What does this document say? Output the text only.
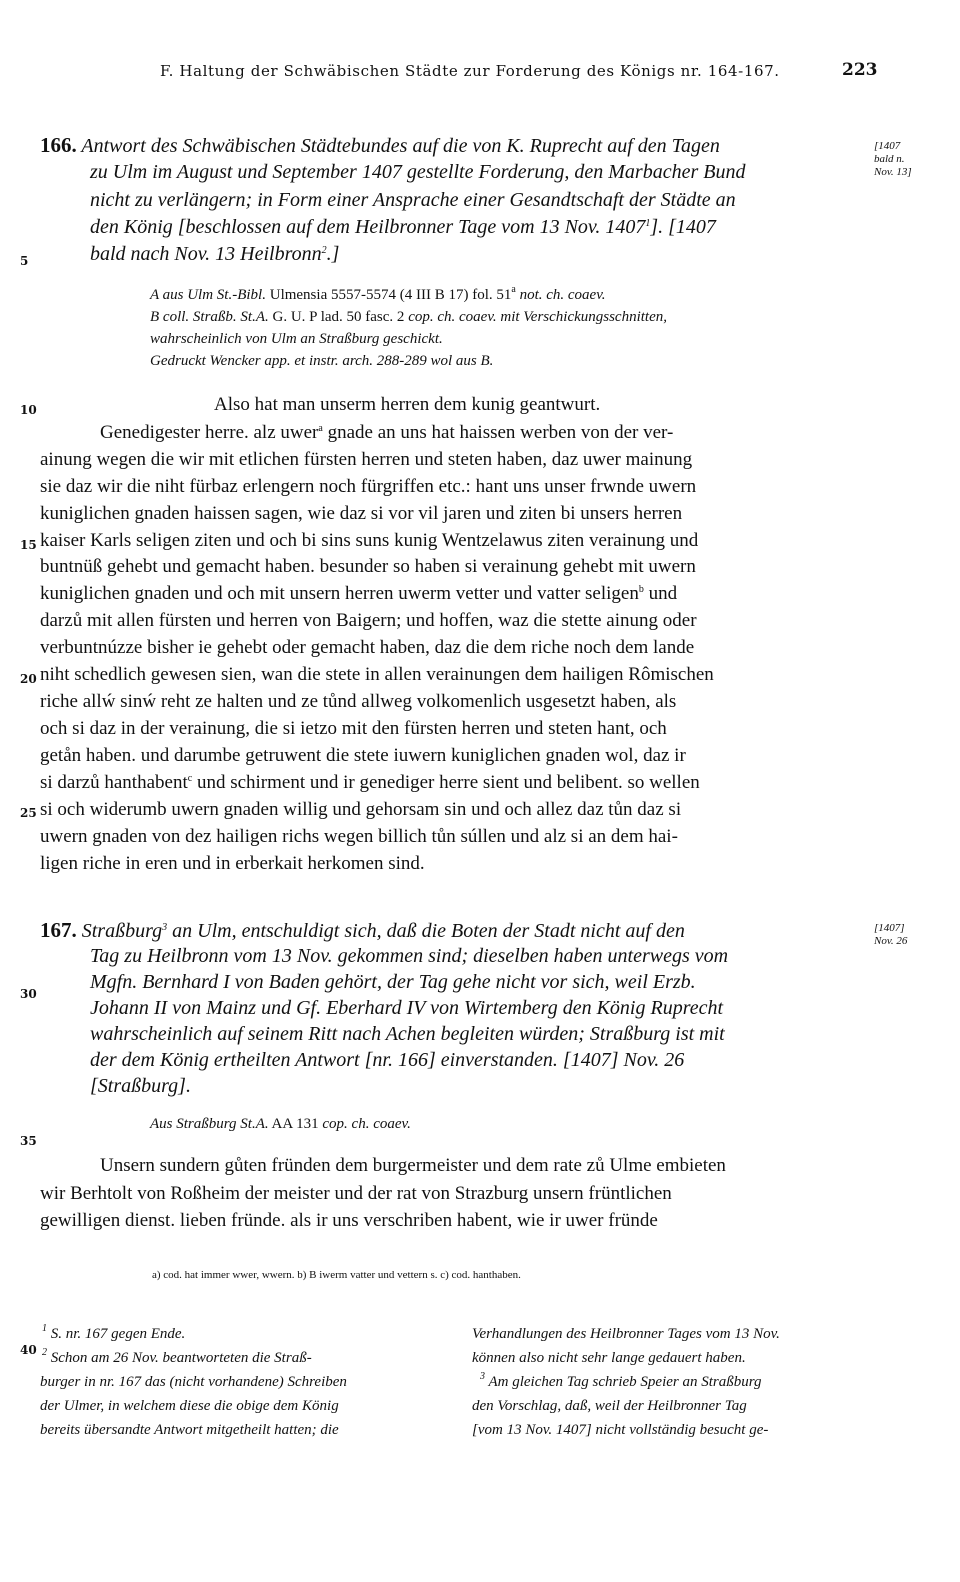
F. Haltung der Schwäbischen Städte zur Forderung des Königs nr. 164-167.	223
5
10
15
20
25
30
35
40
166. Antwort des Schwäbischen Städtebundes auf die von K. Ruprecht auf den Tagen
zu Ulm im August und September 1407 gestellte Forderung, den Marbacher Bund
nicht zu verlängern; in Form einer Ansprache einer Gesandtschaft der Städte an
den König [beschlossen auf dem Heilbronner Tage vom 13 Nov. 1407$^1$]. [1407
bald nach Nov. 13 Heilbronn$^2$.]
[1407
bald n.
Nov. 13]
A aus Ulm St.-Bibl. Ulmensia 5557-5574 (4 III B 17) fol. 51$^a$ not. ch. coaev.
B coll. Straßb. St.A. G. U. P lad. 50 fasc. 2 cop. ch. coaev. mit Verschickungsschnitten,
wahrscheinlich von Ulm an Straßburg geschickt.
Gedruckt Wencker app. et instr. arch. 288-289 wol aus B.
Also hat man unserm herren dem kunig geantwurt.
Genedigester herre. alz uwer$^a$ gnade an uns hat haissen werben von der ver-
ainung wegen die wir mit etlichen fürsten herren und steten haben, daz uwer mainung
sie daz wir die niht fürbaz erlengern noch fürgriffen etc.: hant uns unser frwnde uwern
kuniglichen gnaden haissen sagen, wie daz si vor vil jaren und ziten bi unsers herren
kaiser Karls seligen ziten und och bi sins suns kunig Wentzelawus ziten verainung und
buntnüß gehebt und gemacht haben. besunder so haben si verainung gehebt mit uwern
kuniglichen gnaden und och mit unsern herren uwerm vetter und vatter seligen$^b$ und
darzů mit allen fürsten und herren von Baigern; und hoffen, waz die stette ainung oder
verbuntnúzze bisher ie gehebt oder gemacht haben, daz die dem riche noch dem lande
niht schedlich gewesen sien, wan die stete in allen verainungen dem hailigen Rômischen
riche allẃ sinẃ reht ze halten und ze tůnd allweg volkomenlich usgesetzt haben, als
och si daz in der verainung, die si ietzo mit den fürsten herren und steten hant, och
getån haben. und darumbe getruwent die stete iuwern kuniglichen gnaden wol, daz ir
si darzů hanthabent$^c$ und schirment und ir genediger herre sient und belibent. so wellen
si och widerumb uwern gnaden willig und gehorsam sin und och allez daz tůn daz si
uwern gnaden von dez hailigen richs wegen billich tůn súllen und alz si an dem hai-
ligen riche in eren und in erberkait herkomen sind.
167. Straßburg$^3$ an Ulm, entschuldigt sich, daß die Boten der Stadt nicht auf den
Tag zu Heilbronn vom 13 Nov. gekommen sind; dieselben haben unterwegs vom
Mgfn. Bernhard I von Baden gehört, der Tag gehe nicht vor sich, weil Erzb.
Johann II von Mainz und Gf. Eberhard IV von Wirtemberg den König Ruprecht
wahrscheinlich auf seinem Ritt nach Achen begleiten würden; Straßburg ist mit
der dem König ertheilten Antwort [nr. 166] einverstanden. [1407] Nov. 26
[Straßburg].
[1407]
Nov. 26
Aus Straßburg St.A. AA 131 cop. ch. coaev.
Unsern sundern gůten fründen dem burgermeister und dem rate zů Ulme embieten
wir Berhtolt von Roßheim der meister und der rat von Strazburg unsern früntlichen
gewilligen dienst. lieben fründe. als ir uns verschriben habent, wie ir uwer fründe
a) cod. hat immer wwer, wwern. b) B iwerm vatter und vettern s. c) cod. hanthaben.
$^1$ S. nr. 167 gegen Ende.
$^2$ Schon am 26 Nov. beantworteten die Straß-
burger in nr. 167 das (nicht vorhandene) Schreiben
der Ulmer, in welchem diese die obige dem König
bereits übersandte Antwort mitgetheilt hatten; die
Verhandlungen des Heilbronner Tages vom 13 Nov.
können also nicht sehr lange gedauert haben.
$^3$ Am gleichen Tag schrieb Speier an Straßburg
den Vorschlag, daß, weil der Heilbronner Tag
[vom 13 Nov. 1407] nicht vollständig besucht ge-
